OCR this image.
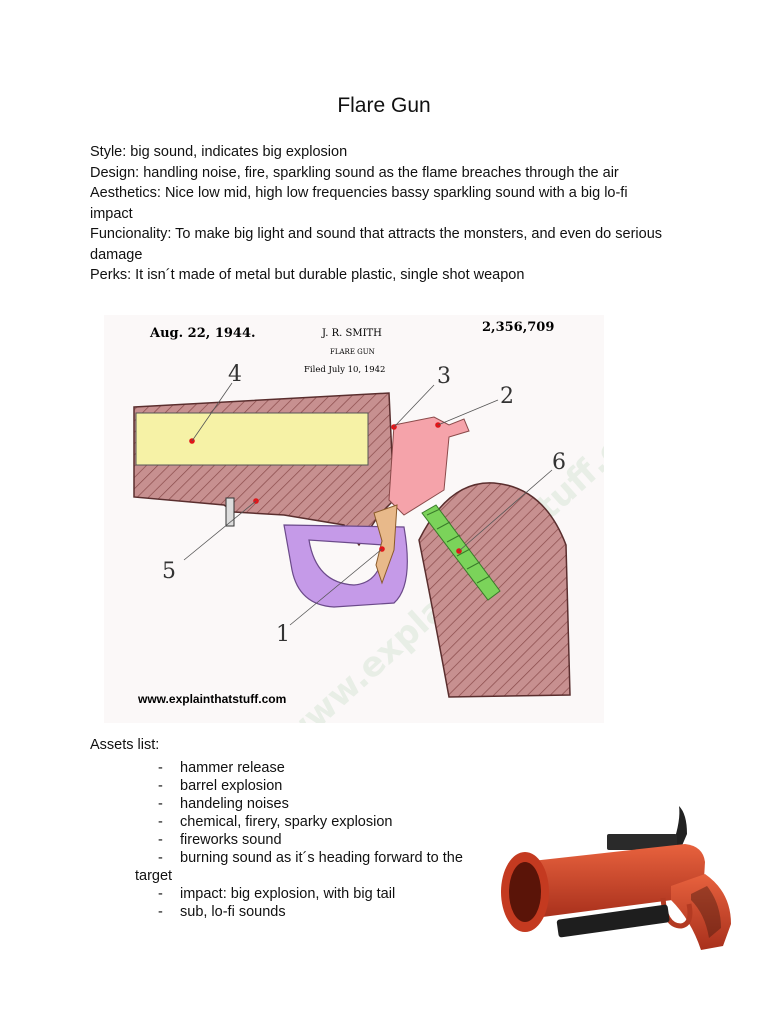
Flare Gun

Style: big sound, indicates big explosion

Design: handling noise, fire, sparkling sound as the flame breaches through the air

Aesthetics: Nice low mid, high low frequencies bassy sparkling sound with a big lo-fi impact

Funcionality: To make big light and sound that attracts the monsters, and even do serious damage

Perks: It isn´t made of metal but durable plastic, single shot weapon

Aug. 22, 1944.	J. R. SMITH
FLARE GUN
Filed July 10, 1942
2,356,709
4	3
2
6
5
1
www.explainthatstuff.com
Assets list:
- hammer release
- barrel explosion
- handeling noises
- chemical, firery, sparky explosion
- fireworks sound
- burning sound as it´s heading forward to the
target
- impact: big explosion, with big tail
- sub, lo-fi sounds
